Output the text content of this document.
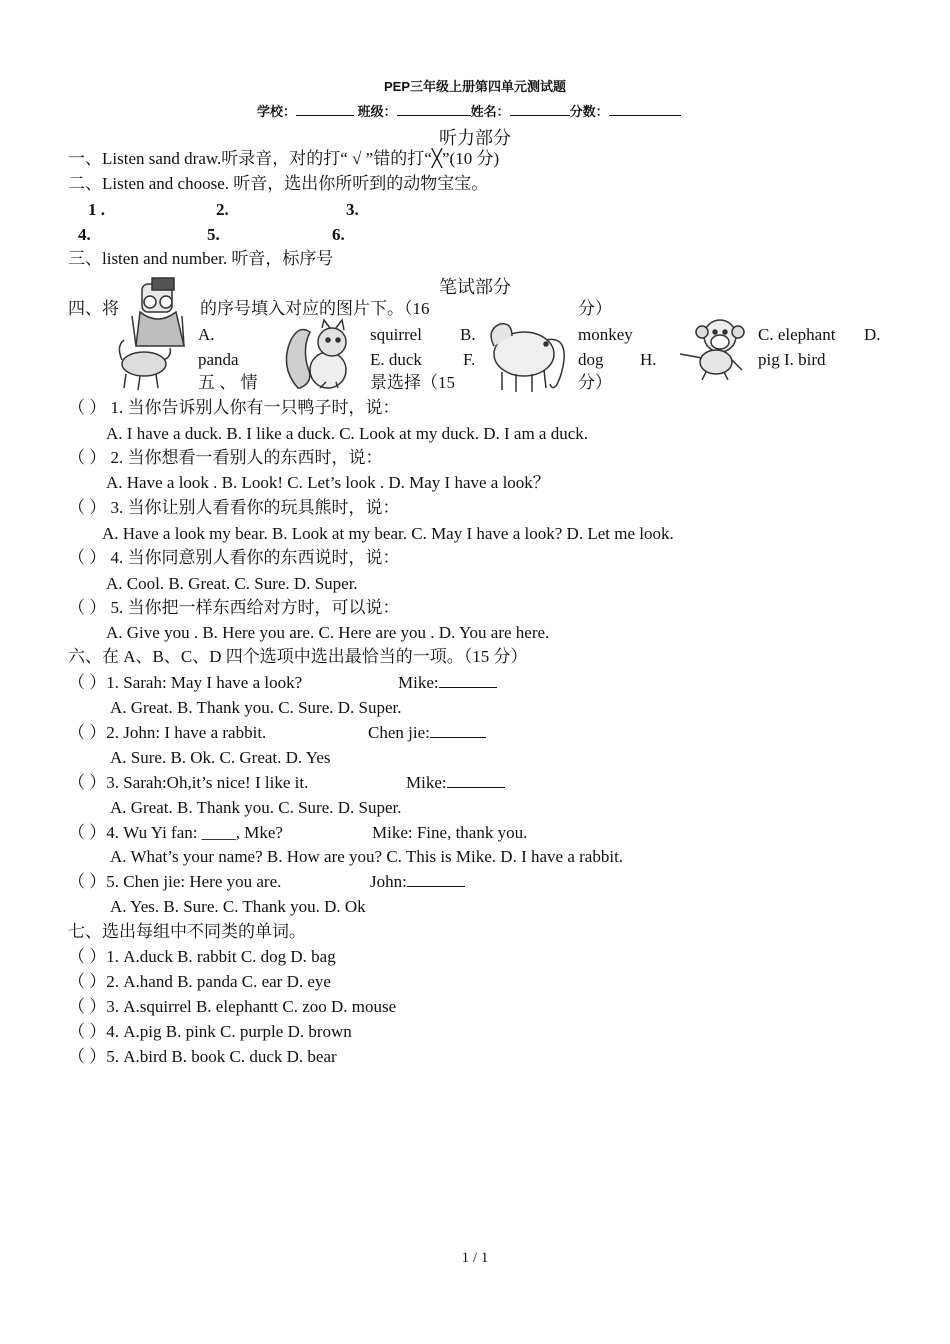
PEP三年级上册第四单元测试题
学校：	班级：	姓名：	分数：
听力部分
一、Listen sand draw.听录音，对的打“ √ ”错的打“╳”(10 分)
二、Listen and choose. 听音，选出你所听到的动物宝宝。
1 .	2.	3.
4.	5.	6.
三、listen and number. 听音，标序号
笔试部分
四、将	的序号填入对应的图片下。（16	分）
A.	squirrel B.	monkey	C. elephant D.
panda	E. duck F.	dog H.	pig I. bird
五 、 情	景选择（15	分）
（ ） 1. 当你告诉别人你有一只鸭子时，说：
A. I have a duck. B. I like a duck. C. Look at my duck. D. I am a duck.
（ ） 2. 当你想看一看别人的东西时，说：
A. Have a look . B. Look! C. Let’s look . D. May I have a look？
（ ） 3. 当你让别人看看你的玩具熊时，说：
A. Have a look my bear. B. Look at my bear. C. May I have a look? D. Let me look.
（ ） 4. 当你同意别人看你的东西说时，说：
A. Cool. B. Great. C. Sure. D. Super.
（ ） 5. 当你把一样东西给对方时，可以说：
A. Give you . B. Here you are. C. Here are you . D. You are here.
六、在 A、B、C、D 四个选项中选出最恰当的一项。（15 分）
（ ）1. Sarah: May I have a look?	Mike:
A. Great. B. Thank you. C. Sure. D. Super.
（ ）2. John: I have a rabbit.	Chen jie:
A. Sure. B. Ok. C. Great. D. Yes
（ ）3. Sarah:Oh,it’s nice! I like it.	Mike:
A. Great. B. Thank you. C. Sure. D. Super.
（ ）4. Wu Yi fan: ____, Mke?	Mike: Fine, thank you.
A. What’s your name? B. How are you? C. This is Mike. D. I have a rabbit.
（ ）5. Chen jie: Here you are.	John:
A. Yes. B. Sure. C. Thank you. D. Ok
七、选出每组中不同类的单词。
（ ）1. A.duck B. rabbit C. dog D. bag
（ ）2. A.hand B. panda C. ear D. eye
（ ）3. A.squirrel B. elephantt C. zoo D. mouse
（ ）4. A.pig B. pink C. purple D. brown
（ ）5. A.bird B. book C. duck D. bear
1 / 1
